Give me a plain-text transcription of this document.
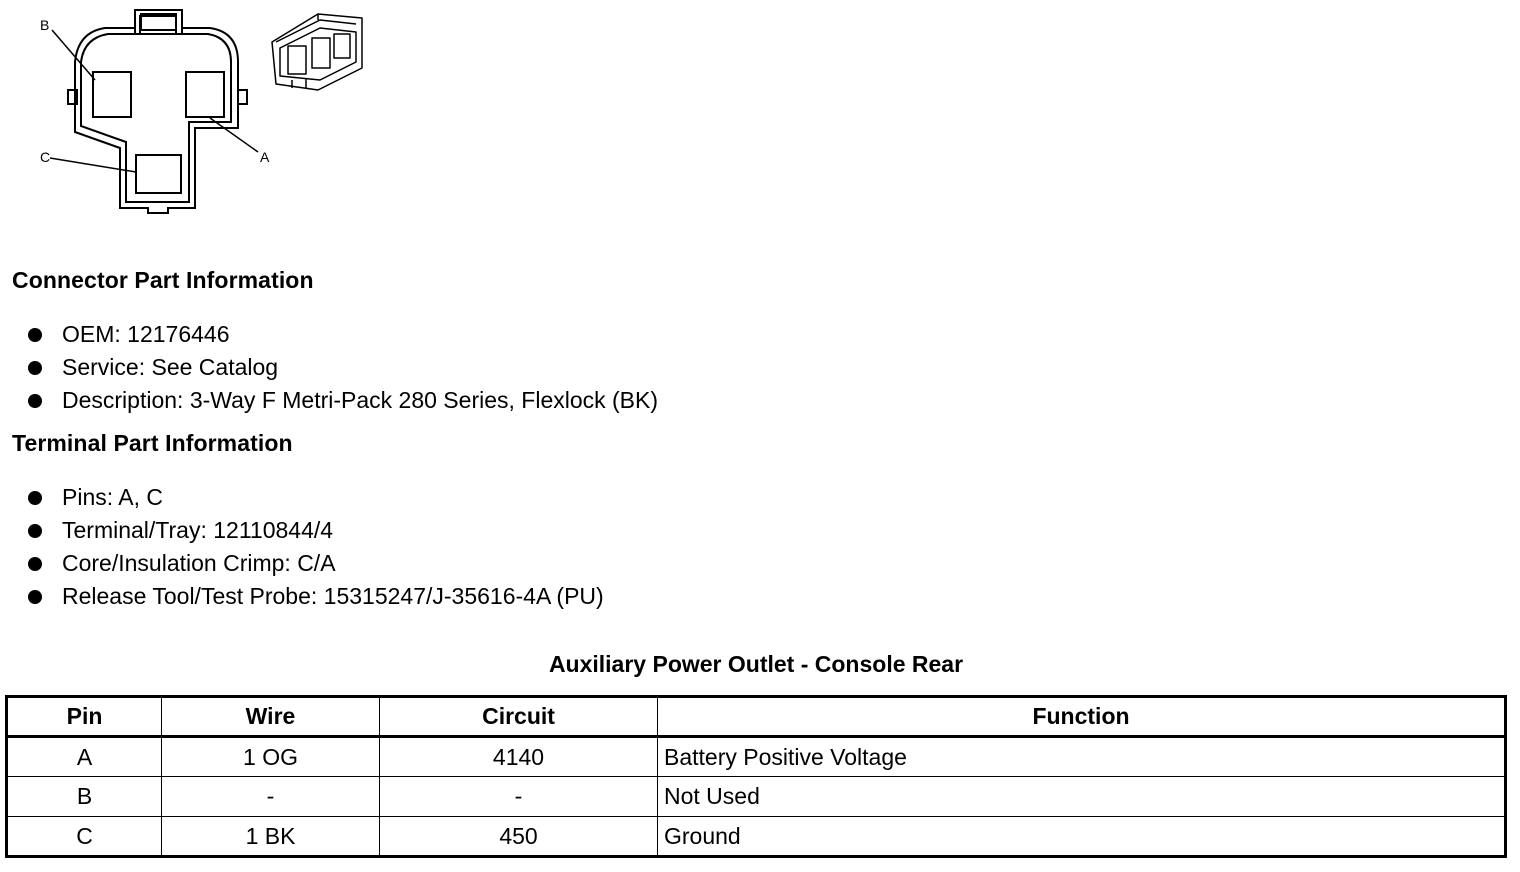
B
A
C
Connector Part Information
OEM: 12176446
Service: See Catalog
Description: 3-Way F Metri-Pack 280 Series, Flexlock (BK)
Terminal Part Information
Pins: A, C
Terminal/Tray: 12110844/4
Core/Insulation Crimp: C/A
Release Tool/Test Probe: 15315247/J-35616-4A (PU)
Auxiliary Power Outlet - Console Rear
Pin	Wire	Circuit	Function
A	1 OG	4140	Battery Positive Voltage
B	-	-	Not Used
C	1 BK	450	Ground
